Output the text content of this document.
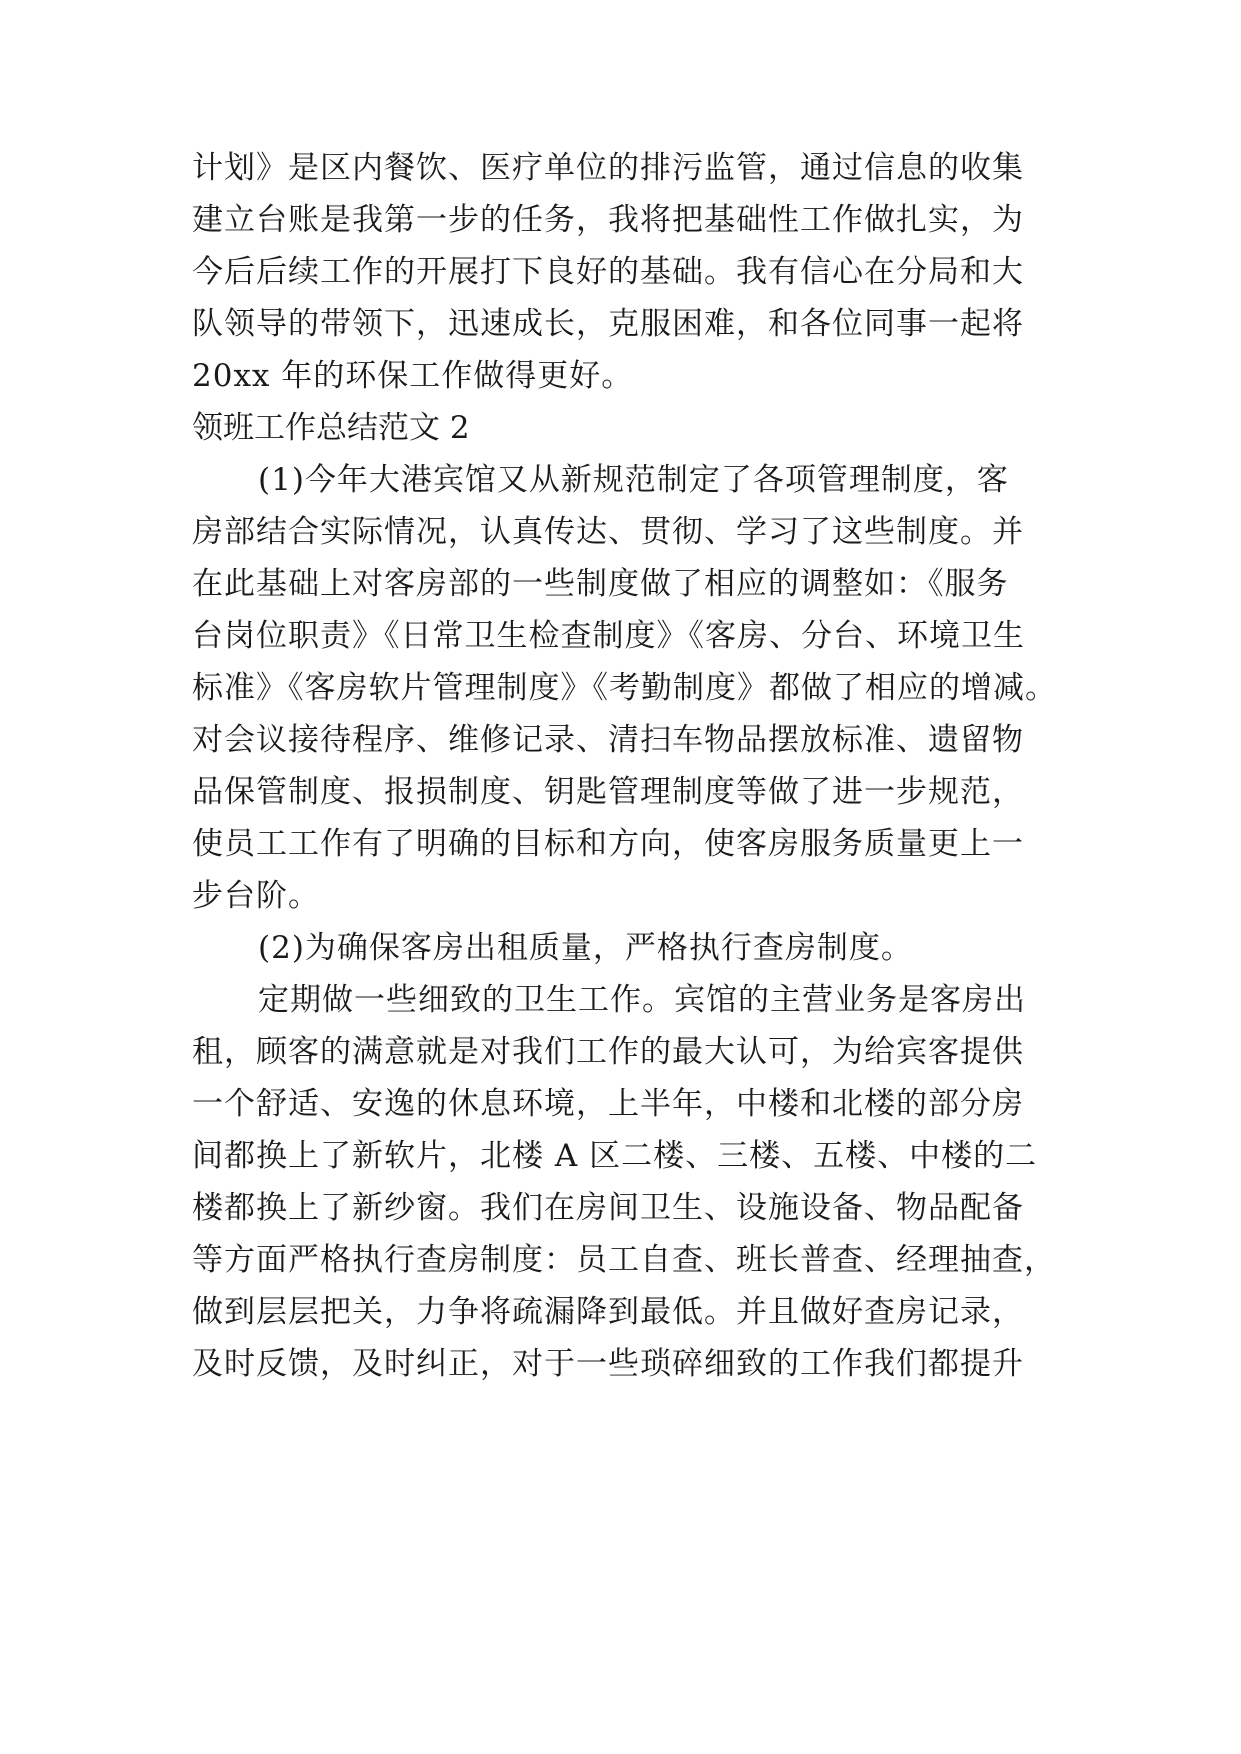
计划》是区内餐饮、医疗单位的排污监管，通过信息的收集
建立台账是我第一步的任务，我将把基础性工作做扎实，为
今后后续工作的开展打下良好的基础。我有信心在分局和大
队领导的带领下，迅速成长，克服困难，和各位同事一起将
20xx 年的环保工作做得更好。
领班工作总结范文 2
(1)今年大港宾馆又从新规范制定了各项管理制度，客
房部结合实际情况，认真传达、贯彻、学习了这些制度。并
在此基础上对客房部的一些制度做了相应的调整如：《服务
台岗位职责》《日常卫生检查制度》《客房、分台、环境卫生
标准》《客房软片管理制度》《考勤制度》都做了相应的增减。
对会议接待程序、维修记录、清扫车物品摆放标准、遗留物
品保管制度、报损制度、钥匙管理制度等做了进一步规范，
使员工工作有了明确的目标和方向，使客房服务质量更上一
步台阶。
(2)为确保客房出租质量，严格执行查房制度。
定期做一些细致的卫生工作。宾馆的主营业务是客房出
租，顾客的满意就是对我们工作的最大认可，为给宾客提供
一个舒适、安逸的休息环境，上半年，中楼和北楼的部分房
间都换上了新软片，北楼 A 区二楼、三楼、五楼、中楼的二
楼都换上了新纱窗。我们在房间卫生、设施设备、物品配备
等方面严格执行查房制度：员工自查、班长普查、经理抽查，
做到层层把关，力争将疏漏降到最低。并且做好查房记录，
及时反馈，及时纠正，对于一些琐碎细致的工作我们都提升
